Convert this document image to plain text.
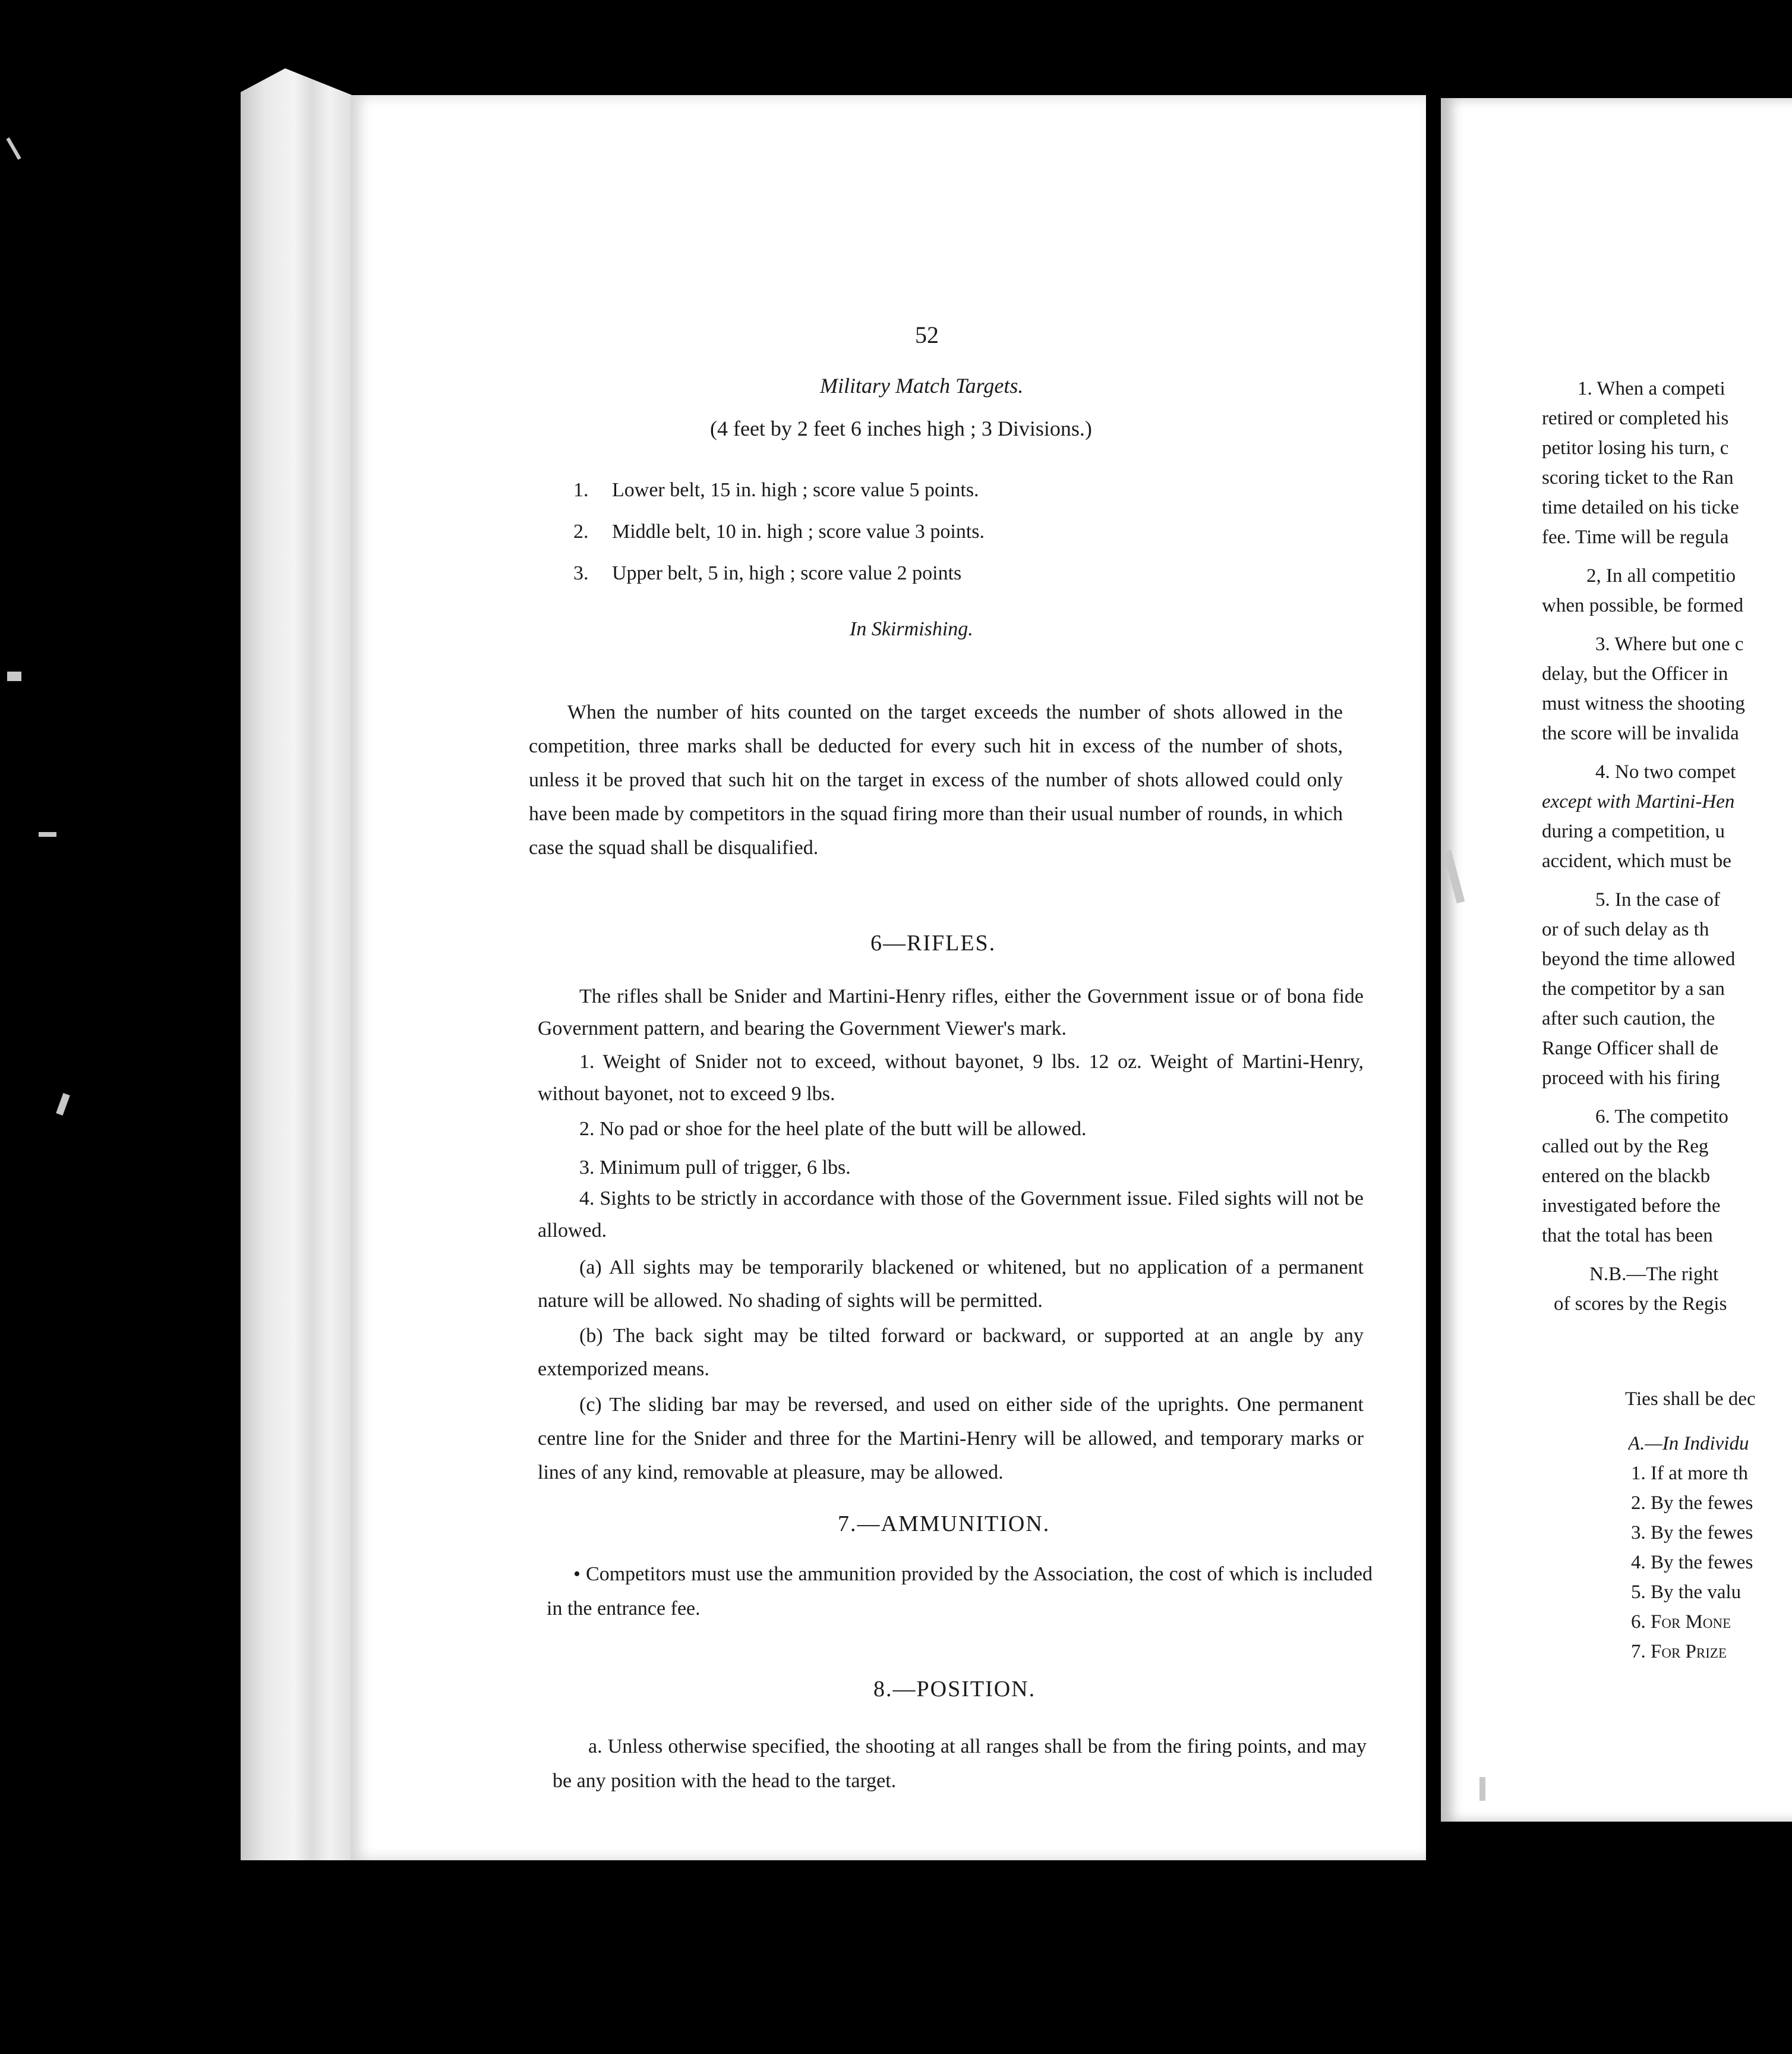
52
Military Match Targets.
(4 feet by 2 feet 6 inches high ; 3 Divisions.)
1. Lower belt, 15 in. high ; score value 5 points.
2. Middle belt, 10 in. high ; score value 3 points.
3. Upper belt, 5 in, high ; score value 2 points
In Skirmishing.

When the number of hits counted on the target exceeds the number of shots allowed in the competition, three marks shall be deducted for every such hit in excess of the number of shots, unless it be proved that such hit on the target in excess of the number of shots allowed could only have been made by competitors in the squad firing more than their usual number of rounds, in which case the squad shall be disqualified.

6—RIFLES.

The rifles shall be Snider and Martini-Henry rifles, either the Government issue or of bona fide Government pattern, and bearing the Government Viewer's mark.

1. Weight of Snider not to exceed, without bayonet, 9 lbs. 12 oz. Weight of Martini-Henry, without bayonet, not to exceed 9 lbs.

2. No pad or shoe for the heel plate of the butt will be allowed.

3. Minimum pull of trigger, 6 lbs.

4. Sights to be strictly in accordance with those of the Government issue. Filed sights will not be allowed.

(a) All sights may be temporarily blackened or whitened, but no application of a permanent nature will be allowed. No shading of sights will be permitted.

(b) The back sight may be tilted forward or backward, or supported at an angle by any extemporized means.

(c) The sliding bar may be reversed, and used on either side of the uprights. One permanent centre line for the Snider and three for the Martini-Henry will be allowed, and temporary marks or lines of any kind, removable at pleasure, may be allowed.

7.—AMMUNITION.

• Competitors must use the ammunition provided by the Association, the cost of which is included in the entrance fee.

8.—POSITION.

a. Unless otherwise specified, the shooting at all ranges shall be from the firing points, and may be any position with the head to the target.

1. When a competi
retired or completed his
petitor losing his turn, c
scoring ticket to the Ran
time detailed on his ticke
fee. Time will be regula
2, In all competitio
when possible, be formed
3. Where but one c
delay, but the Officer in
must witness the shooting
the score will be invalida
4. No two compet
except with Martini-Hen
during a competition, u
accident, which must be
5. In the case of
or of such delay as th
beyond the time allowed
the competitor by a san
after such caution, the
Range Officer shall de
proceed with his firing
6. The competito
called out by the Reg
entered on the blackb
investigated before the
that the total has been
N.B.—The right
of scores by the Regis
Ties shall be dec
A.—In Individu
1. If at more th
2. By the fewes
3. By the fewes
4. By the fewes
5. By the valu
6. For Mone
7. For Prize
